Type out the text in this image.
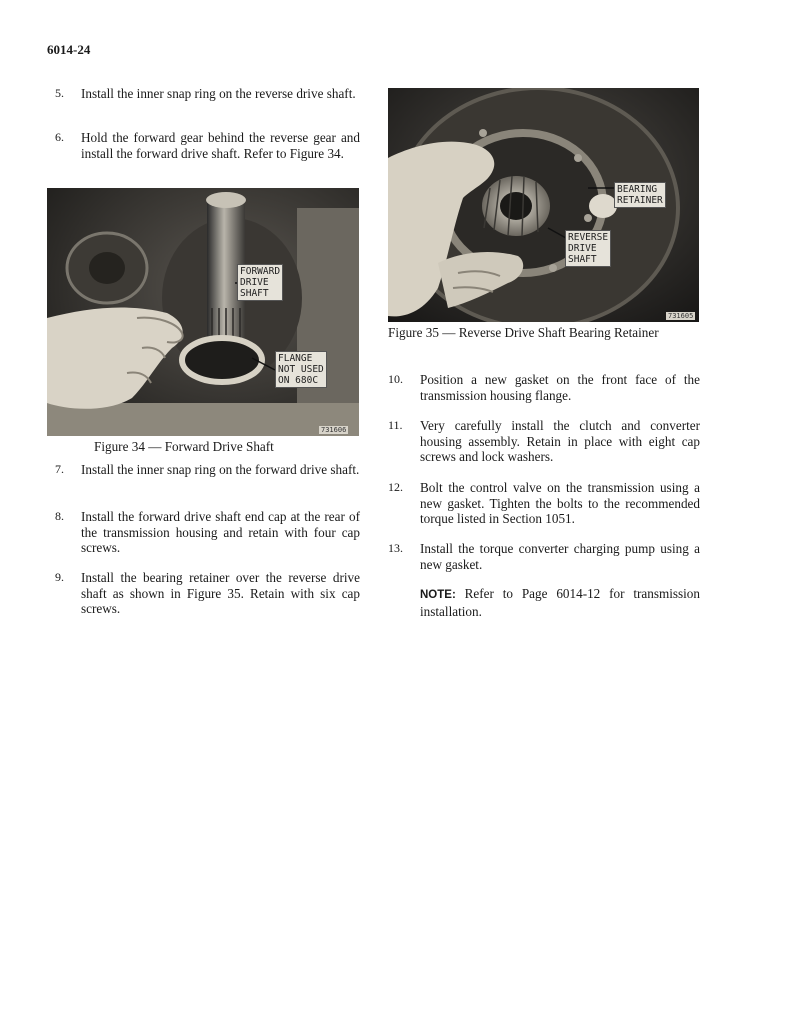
6014-24
5. Install the inner snap ring on the reverse drive shaft.
6. Hold the forward gear behind the reverse gear and install the forward drive shaft. Refer to Figure 34.
7. Install the inner snap ring on the forward drive shaft.
8. Install the forward drive shaft end cap at the rear of the transmission housing and retain with four cap screws.
9. Install the bearing retainer over the reverse drive shaft as shown in Figure 35. Retain with six cap screws.
FORWARD
DRIVE
SHAFT
FLANGE
NOT USED
ON 680C
731606
Figure 34 — Forward Drive Shaft
BEARING
RETAINER
REVERSE
DRIVE
SHAFT
731605
Figure 35 — Reverse Drive Shaft Bearing Retainer
10. Position a new gasket on the front face of the transmission housing flange.
11. Very carefully install the clutch and converter housing assembly. Retain in place with eight cap screws and lock washers.
12. Bolt the control valve on the transmission using a new gasket. Tighten the bolts to the recommended torque listed in Section 1051.
13. Install the torque converter charging pump using a new gasket.
NOTE: Refer to Page 6014-12 for transmission installation.
